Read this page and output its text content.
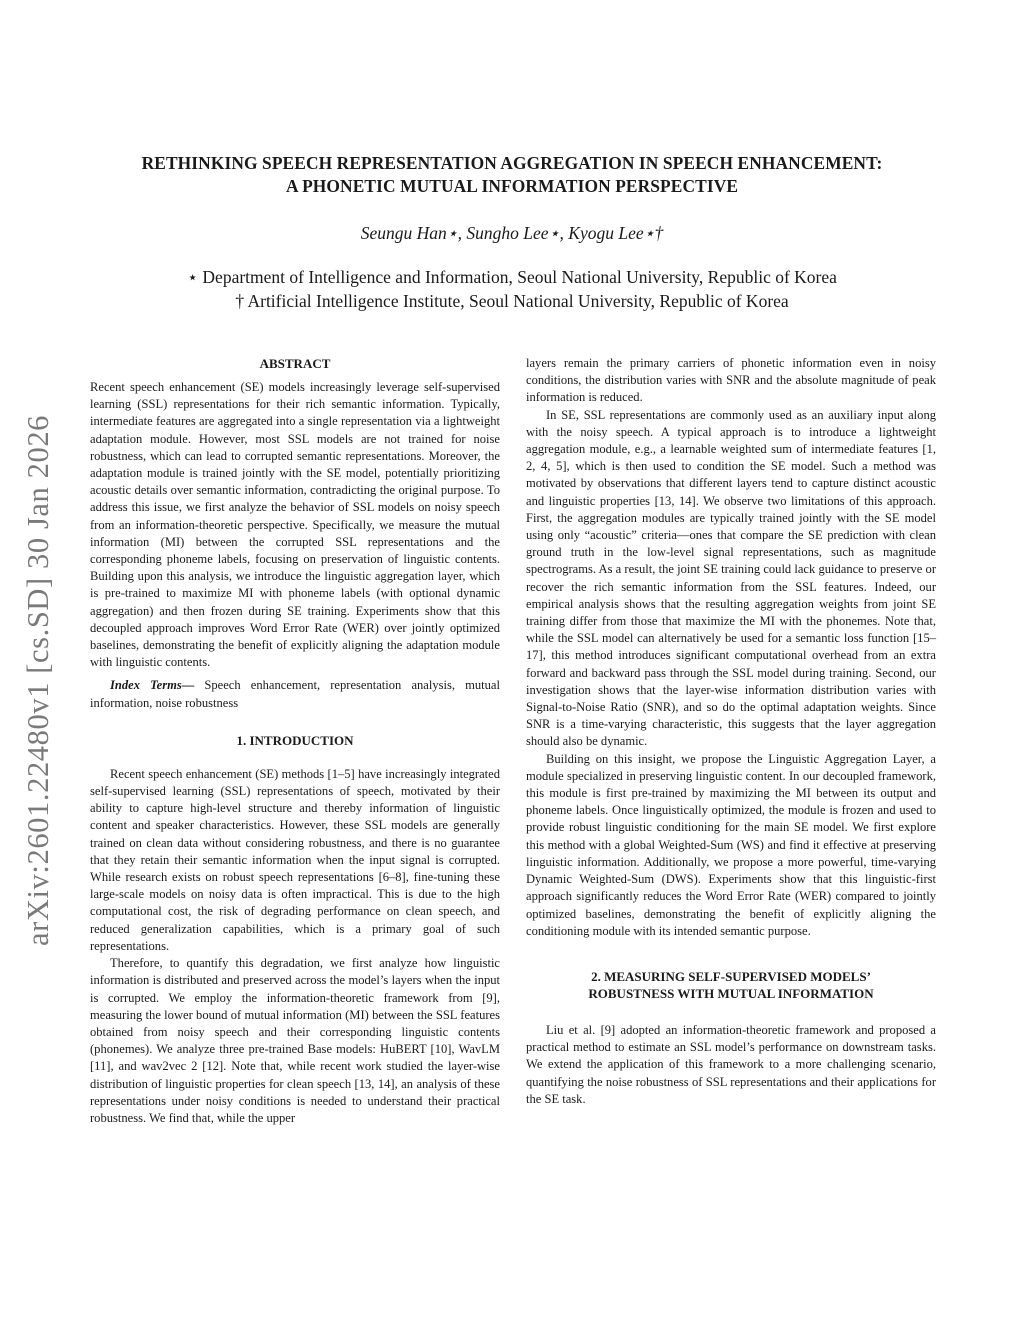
arXiv:2601.22480v1 [cs.SD] 30 Jan 2026
RETHINKING SPEECH REPRESENTATION AGGREGATION IN SPEECH ENHANCEMENT:
A PHONETIC MUTUAL INFORMATION PERSPECTIVE
Seungu Han⋆, Sungho Lee⋆, Kyogu Lee⋆†
⋆ Department of Intelligence and Information, Seoul National University, Republic of Korea
† Artificial Intelligence Institute, Seoul National University, Republic of Korea
ABSTRACT

Recent speech enhancement (SE) models increasingly leverage self-supervised learning (SSL) representations for their rich semantic information. Typically, intermediate features are aggregated into a single representation via a lightweight adaptation module. However, most SSL models are not trained for noise robustness, which can lead to corrupted semantic representations. Moreover, the adaptation module is trained jointly with the SE model, potentially prioritizing acoustic details over semantic information, contradicting the original purpose. To address this issue, we first analyze the behavior of SSL models on noisy speech from an information-theoretic perspective. Specifically, we measure the mutual information (MI) between the corrupted SSL representations and the corresponding phoneme labels, focusing on preservation of linguistic contents. Building upon this analysis, we introduce the linguistic aggregation layer, which is pre-trained to maximize MI with phoneme labels (with optional dynamic aggregation) and then frozen during SE training. Experiments show that this decoupled approach improves Word Error Rate (WER) over jointly optimized baselines, demonstrating the benefit of explicitly aligning the adaptation module with linguistic contents.

Index Terms— Speech enhancement, representation analysis, mutual information, noise robustness

1. INTRODUCTION

Recent speech enhancement (SE) methods [1–5] have increasingly integrated self-supervised learning (SSL) representations of speech, motivated by their ability to capture high-level structure and thereby information of linguistic content and speaker characteristics. However, these SSL models are generally trained on clean data without considering robustness, and there is no guarantee that they retain their semantic information when the input signal is corrupted. While research exists on robust speech representations [6–8], fine-tuning these large-scale models on noisy data is often impractical. This is due to the high computational cost, the risk of degrading performance on clean speech, and reduced generalization capabilities, which is a primary goal of such representations.

Therefore, to quantify this degradation, we first analyze how linguistic information is distributed and preserved across the model’s layers when the input is corrupted. We employ the information-theoretic framework from [9], measuring the lower bound of mutual information (MI) between the SSL features obtained from noisy speech and their corresponding linguistic contents (phonemes). We analyze three pre-trained Base models: HuBERT [10], WavLM [11], and wav2vec 2 [12]. Note that, while recent work studied the layer-wise distribution of linguistic properties for clean speech [13, 14], an analysis of these representations under noisy conditions is needed to understand their practical robustness. We find that, while the upper

layers remain the primary carriers of phonetic information even in noisy conditions, the distribution varies with SNR and the absolute magnitude of peak information is reduced.

In SE, SSL representations are commonly used as an auxiliary input along with the noisy speech. A typical approach is to introduce a lightweight aggregation module, e.g., a learnable weighted sum of intermediate features [1, 2, 4, 5], which is then used to condition the SE model. Such a method was motivated by observations that different layers tend to capture distinct acoustic and linguistic properties [13, 14]. We observe two limitations of this approach. First, the aggregation modules are typically trained jointly with the SE model using only “acoustic” criteria—ones that compare the SE prediction with clean ground truth in the low-level signal representations, such as magnitude spectrograms. As a result, the joint SE training could lack guidance to preserve or recover the rich semantic information from the SSL features. Indeed, our empirical analysis shows that the resulting aggregation weights from joint SE training differ from those that maximize the MI with the phonemes. Note that, while the SSL model can alternatively be used for a semantic loss function [15–17], this method introduces significant computational overhead from an extra forward and backward pass through the SSL model during training. Second, our investigation shows that the layer-wise information distribution varies with Signal-to-Noise Ratio (SNR), and so do the optimal adaptation weights. Since SNR is a time-varying characteristic, this suggests that the layer aggregation should also be dynamic.

Building on this insight, we propose the Linguistic Aggregation Layer, a module specialized in preserving linguistic content. In our decoupled framework, this module is first pre-trained by maximizing the MI between its output and phoneme labels. Once linguistically optimized, the module is frozen and used to provide robust linguistic conditioning for the main SE model. We first explore this method with a global Weighted-Sum (WS) and find it effective at preserving linguistic information. Additionally, we propose a more powerful, time-varying Dynamic Weighted-Sum (DWS). Experiments show that this linguistic-first approach significantly reduces the Word Error Rate (WER) compared to jointly optimized baselines, demonstrating the benefit of explicitly aligning the conditioning module with its intended semantic purpose.

2. MEASURING SELF-SUPERVISED MODELS’
ROBUSTNESS WITH MUTUAL INFORMATION

Liu et al. [9] adopted an information-theoretic framework and proposed a practical method to estimate an SSL model’s performance on downstream tasks. We extend the application of this framework to a more challenging scenario, quantifying the noise robustness of SSL representations and their applications for the SE task.
